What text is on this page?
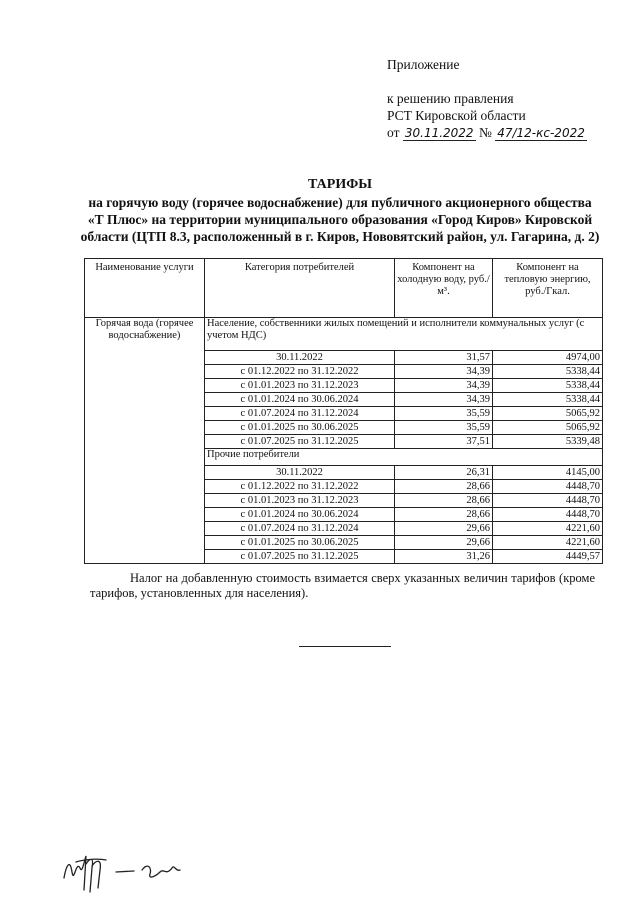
Приложение
к решению правления
РСТ Кировской области
от 30.11.2022 № 47/12-кс-2022
ТАРИФЫ
на горячую воду (горячее водоснабжение) для публичного акционерного общества «Т Плюс» на территории муниципального образования «Город Киров» Кировской области (ЦТП 8.3, расположенный в г. Киров, Нововятский район, ул. Гагарина, д. 2)
Наименование услуги	Категория потребителей	Компонент на холодную воду, руб./м³.	Компонент на тепловую энергию, руб./Гкал.
Горячая вода (горячее водоснабжение)	Население, собственники жилых помещений и исполнители коммунальных услуг (с учетом НДС)		
	30.11.2022	31,57	4974,00
	с 01.12.2022 по 31.12.2022	34,39	5338,44
	с 01.01.2023 по 31.12.2023	34,39	5338,44
	с 01.01.2024 по 30.06.2024	34,39	5338,44
	с 01.07.2024 по 31.12.2024	35,59	5065,92
	с 01.01.2025 по 30.06.2025	35,59	5065,92
	с 01.07.2025 по 31.12.2025	37,51	5339,48
	Прочие потребители		
	30.11.2022	26,31	4145,00
	с 01.12.2022 по 31.12.2022	28,66	4448,70
	с 01.01.2023 по 31.12.2023	28,66	4448,70
	с 01.01.2024 по 30.06.2024	28,66	4448,70
	с 01.07.2024 по 31.12.2024	29,66	4221,60
	с 01.01.2025 по 30.06.2025	29,66	4221,60
	с 01.07.2025 по 31.12.2025	31,26	4449,57
Налог на добавленную стоимость взимается сверх указанных величин тарифов (кроме тарифов, установленных для населения).
